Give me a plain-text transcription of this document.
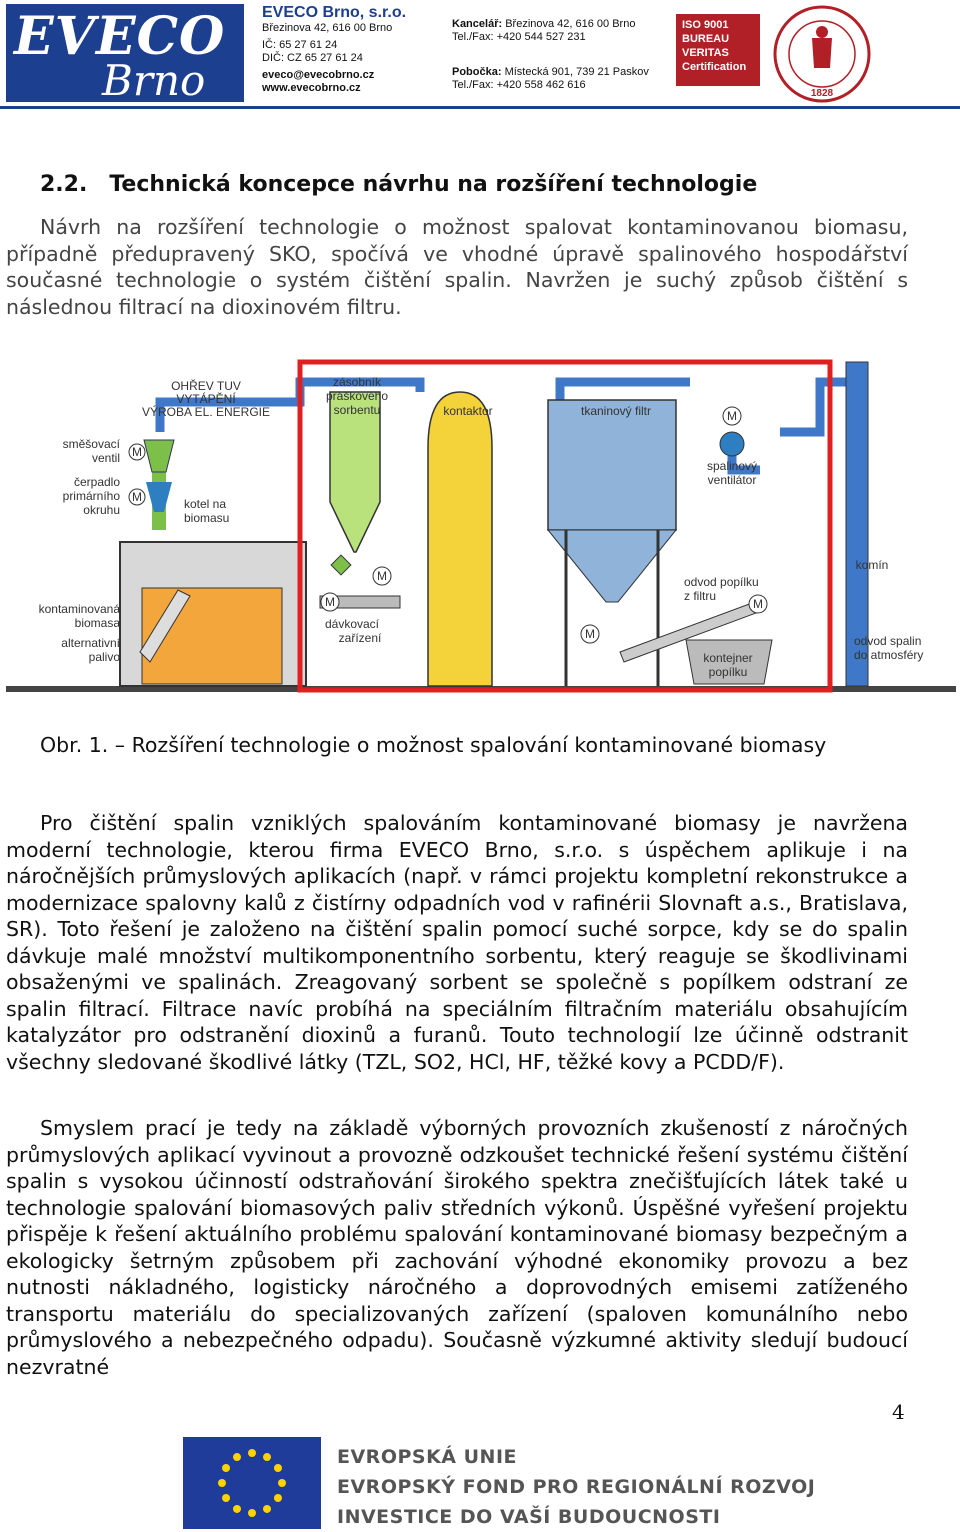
EVECO
Brno
EVECO Brno, s.r.o.
Březinova 42, 616 00 Brno
IČ: 65 27 61 24
DIČ: CZ 65 27 61 24
eveco@evecobrno.cz
www.evecobrno.cz
Kancelář: Březinova 42, 616 00 Brno
Tel./Fax: +420 544 527 231
Pobočka: Místecká 901, 739 21 Paskov
Tel./Fax: +420 558 462 616
ISO 9001
BUREAU VERITAS
Certification
1828
2.2. Technická koncepce návrhu na rozšíření technologie
Návrh na rozšíření technologie o možnost spalovat kontaminovanou biomasu, případně předupravený SKO, spočívá ve vhodné úpravě spalinového hospodářství současné technologie o systém čištění spalin. Navržen je suchý způsob čištění s následnou filtrací na dioxinovém filtru.
M
M
M
M
M
M
M
OHŘEV TUV
VYTÁPĚNÍ
VÝROBA EL. ENERGIE
zásobník
práškového
sorbentu	kontaktor	tkaninový filtr
směšovací
ventil
čerpadlo
primárního
okruhu	kotel na
biomasu
spalinový
ventilátor
komín
odvod popílku
z filtru
kontaminovaná
biomasa
alternativní
palivo
dávkovací
zařízení
kontejner
popílku
odvod spalin
do atmosféry
Obr. 1. – Rozšíření technologie o možnost spalování kontaminované biomasy
Pro čištění spalin vzniklých spalováním kontaminované biomasy je navržena moderní technologie, kterou firma EVECO Brno, s.r.o. s úspěchem aplikuje i na náročnějších průmyslových aplikacích (např. v rámci projektu kompletní rekonstrukce a modernizace spalovny kalů z čistírny odpadních vod v rafinérii Slovnaft a.s., Bratislava, SR). Toto řešení je založeno na čištění spalin pomocí suché sorpce, kdy se do spalin dávkuje malé množství multikomponentního sorbentu, který reaguje se škodlivinami obsaženými ve spalinách. Zreagovaný sorbent se společně s popílkem odstraní ze spalin filtrací. Filtrace navíc probíhá na speciálním filtračním materiálu obsahujícím katalyzátor pro odstranění dioxinů a furanů. Touto technologií lze účinně odstranit všechny sledované škodlivé látky (TZL, SO2, HCl, HF, těžké kovy a PCDD/F).
Smyslem prací je tedy na základě výborných provozních zkušeností z náročných průmyslových aplikací vyvinout a provozně odzkoušet technické řešení systému čištění spalin s vysokou účinností odstraňování širokého spektra znečišťujících látek také u technologie spalování biomasových paliv středních výkonů. Úspěšné vyřešení projektu přispěje k řešení aktuálního problému spalování kontaminované biomasy bezpečným a ekologicky šetrným způsobem při zachování výhodné ekonomiky provozu a bez nutnosti nákladného, logisticky náročného a doprovodných emisemi zatíženého transportu materiálu do specializovaných zařízení (spaloven komunálního nebo průmyslového a nebezpečného odpadu). Současně výzkumné aktivity sledují budoucí nezvratné
4
EVROPSKÁ UNIE
EVROPSKÝ FOND PRO REGIONÁLNÍ ROZVOJ
INVESTICE DO VAŠÍ BUDOUCNOSTI
